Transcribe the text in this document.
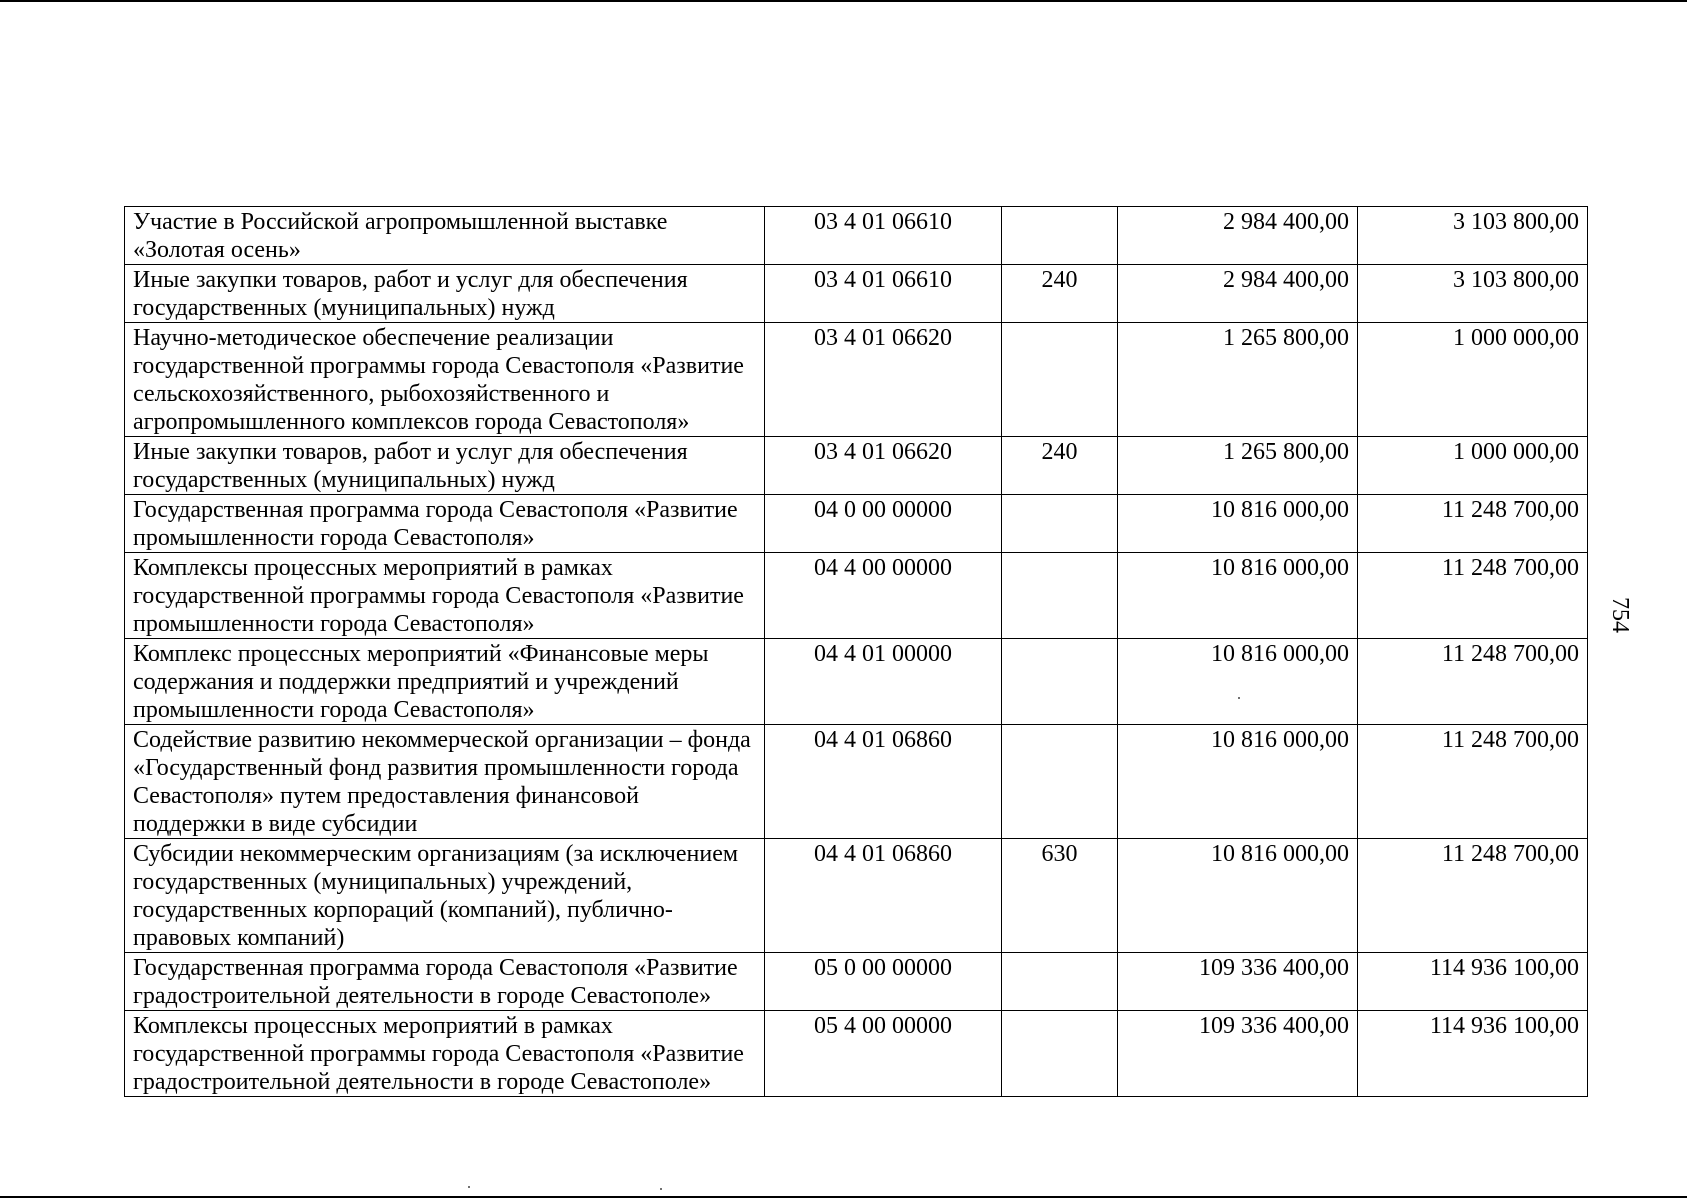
Участие в Российской агропромышленной выставке «Золотая осень»	03 4 01 06610		2 984 400,00	3 103 800,00
Иные закупки товаров, работ и услуг для обеспечения государственных (муниципальных) нужд	03 4 01 06610	240	2 984 400,00	3 103 800,00
Научно-методическое обеспечение реализации государственной программы города Севастополя «Развитие сельскохозяйственного, рыбохозяйственного и агропромышленного комплексов города Севастополя»	03 4 01 06620		1 265 800,00	1 000 000,00
Иные закупки товаров, работ и услуг для обеспечения государственных (муниципальных) нужд	03 4 01 06620	240	1 265 800,00	1 000 000,00
Государственная программа города Севастополя «Развитие промышленности города Севастополя»	04 0 00 00000		10 816 000,00	11 248 700,00
Комплексы процессных мероприятий в рамках государственной программы города Севастополя «Развитие промышленности города Севастополя»	04 4 00 00000		10 816 000,00	11 248 700,00
Комплекс процессных мероприятий «Финансовые меры содержания и поддержки предприятий и учреждений промышленности города Севастополя»	04 4 01 00000		10 816 000,00	11 248 700,00
Содействие развитию некоммерческой организации – фонда «Государственный фонд развития промышленности города Севастополя» путем предоставления финансовой поддержки в виде субсидии	04 4 01 06860		10 816 000,00	11 248 700,00
Субсидии некоммерческим организациям (за исключением государственных (муниципальных) учреждений, государственных корпораций (компаний), публично-правовых компаний)	04 4 01 06860	630	10 816 000,00	11 248 700,00
Государственная программа города Севастополя «Развитие градостроительной деятельности в городе Севастополе»	05 0 00 00000		109 336 400,00	114 936 100,00
Комплексы процессных мероприятий в рамках государственной программы города Севастополя «Развитие градостроительной деятельности в городе Севастополе»	05 4 00 00000		109 336 400,00	114 936 100,00
754
